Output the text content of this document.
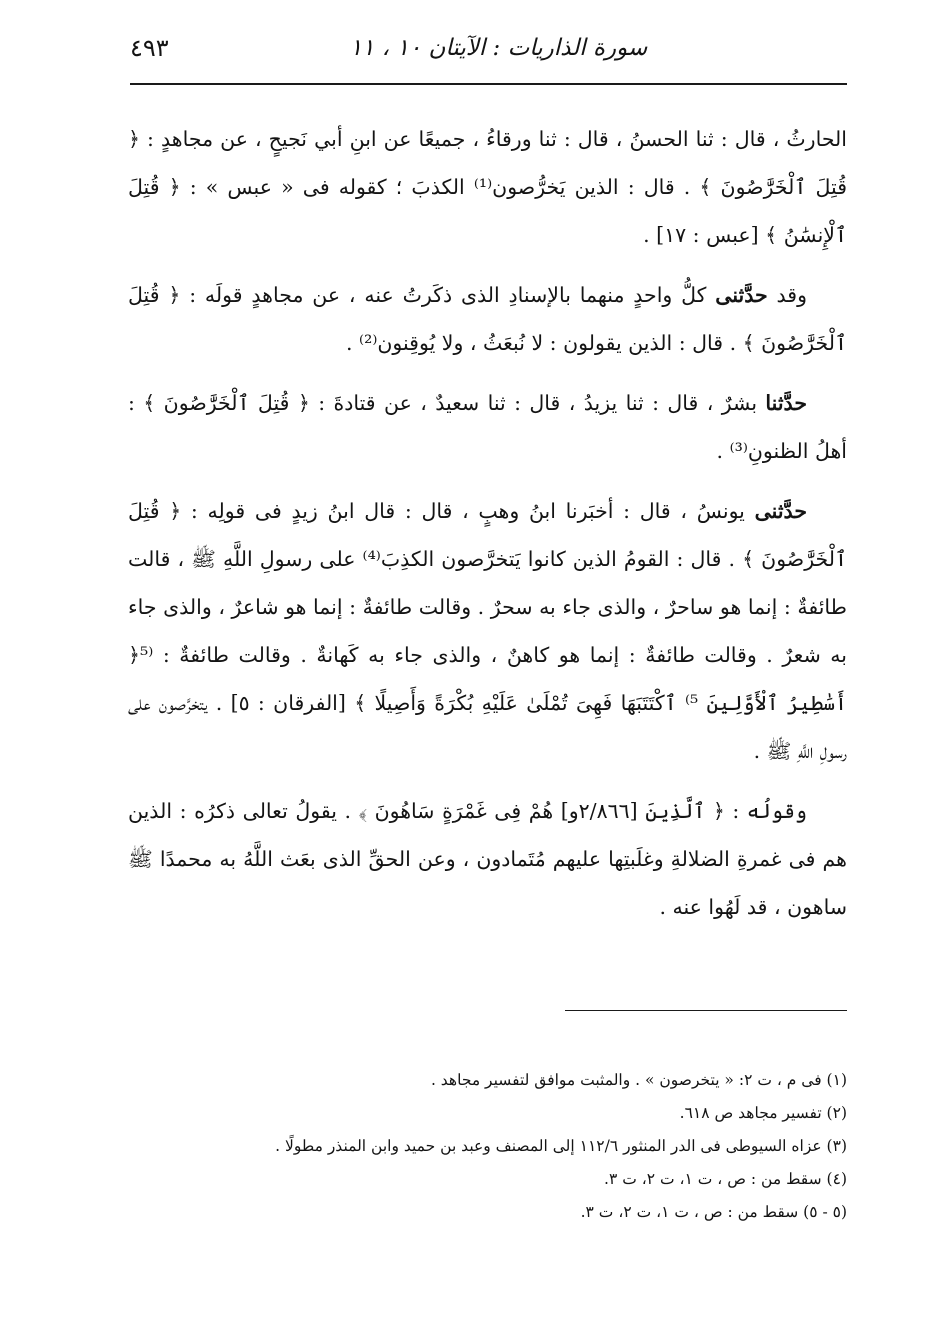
سورة الذاريات : الآيتان ١٠ ، ١١
٤٩٣

الحارثُ ، قال : ثنا الحسنُ ، قال : ثنا ورقاءُ ، جميعًا عن ابنِ أبي نَجيحٍ ، عن مجاهدٍ : ﴿ قُتِلَ ٱلْخَرَّٰصُونَ ﴾ . قال : الذين يَخرُّصون⁽¹⁾ الكذبَ ؛ كقوله فى « عبس » : ﴿ قُتِلَ ٱلْإِنسَٰنُ ﴾ [عبس : ١٧] .

وقد حدَّثنى كلُّ واحدٍ منهما بالإسنادِ الذى ذكَرتُ عنه ، عن مجاهدٍ قولَه : ﴿ قُتِلَ ٱلْخَرَّٰصُونَ ﴾ . قال : الذين يقولون : لا نُبعَثُ ، ولا يُوقِنون⁽²⁾ .

حدَّثنا بشرٌ ، قال : ثنا يزيدُ ، قال : ثنا سعيدٌ ، عن قتادةَ : ﴿ قُتِلَ ٱلْخَرَّٰصُونَ ﴾ : أهلُ الظنونِ⁽³⁾ .

حدَّثنى يونسُ ، قال : أخبَرنا ابنُ وهبٍ ، قال : قال ابنُ زيدٍ فى قولِه : ﴿ قُتِلَ ٱلْخَرَّٰصُونَ ﴾ . قال : القومُ الذين كانوا يَتخرَّصون الكذِبَ⁽⁴⁾ على رسولِ اللَّهِ ﷺ ، قالت طائفةٌ : إنما هو ساحرٌ ، والذى جاء به سحرٌ . وقالت طائفةٌ : إنما هو شاعرٌ ، والذى جاء به شعرٌ . وقالت طائفةٌ : إنما هو كاهنٌ ، والذى جاء به كَهانةٌ . وقالت طائفةٌ : ⁽⁵﴿ أَسَٰطِيرُ ٱلْأَوَّلِينَ ⁵⁾ ٱكْتَتَبَهَا فَهِىَ تُمْلَىٰ عَلَيْهِ بُكْرَةً وَأَصِيلًا ﴾ [الفرقان : ٥] . يتخرَّصون على رسولِ اللَّهِ ﷺ .

وقولُه : ﴿ ٱلَّذِينَ [٢/٨٦٦و] هُمْ فِى غَمْرَةٍ سَاهُونَ ﴾ . يقولُ تعالى ذكرُه : الذين هم فى غمرةِ الضلالةِ وغلَبتِها عليهم مُتَمادون ، وعن الحقِّ الذى بعَث اللَّهُ به محمدًا ﷺ ساهون ، قد لَهُوا عنه .

(١) فى م ، ت ٢: « يتخرصون » . والمثبت موافق لتفسير مجاهد .
(٢) تفسير مجاهد ص ٦١٨.
(٣) عزاه السيوطى فى الدر المنثور ١١٢/٦ إلى المصنف وعبد بن حميد وابن المنذر مطولًا .
(٤) سقط من : ص ، ت ١، ت ٢، ت ٣.
(٥ - ٥) سقط من : ص ، ت ١، ت ٢، ت ٣.
